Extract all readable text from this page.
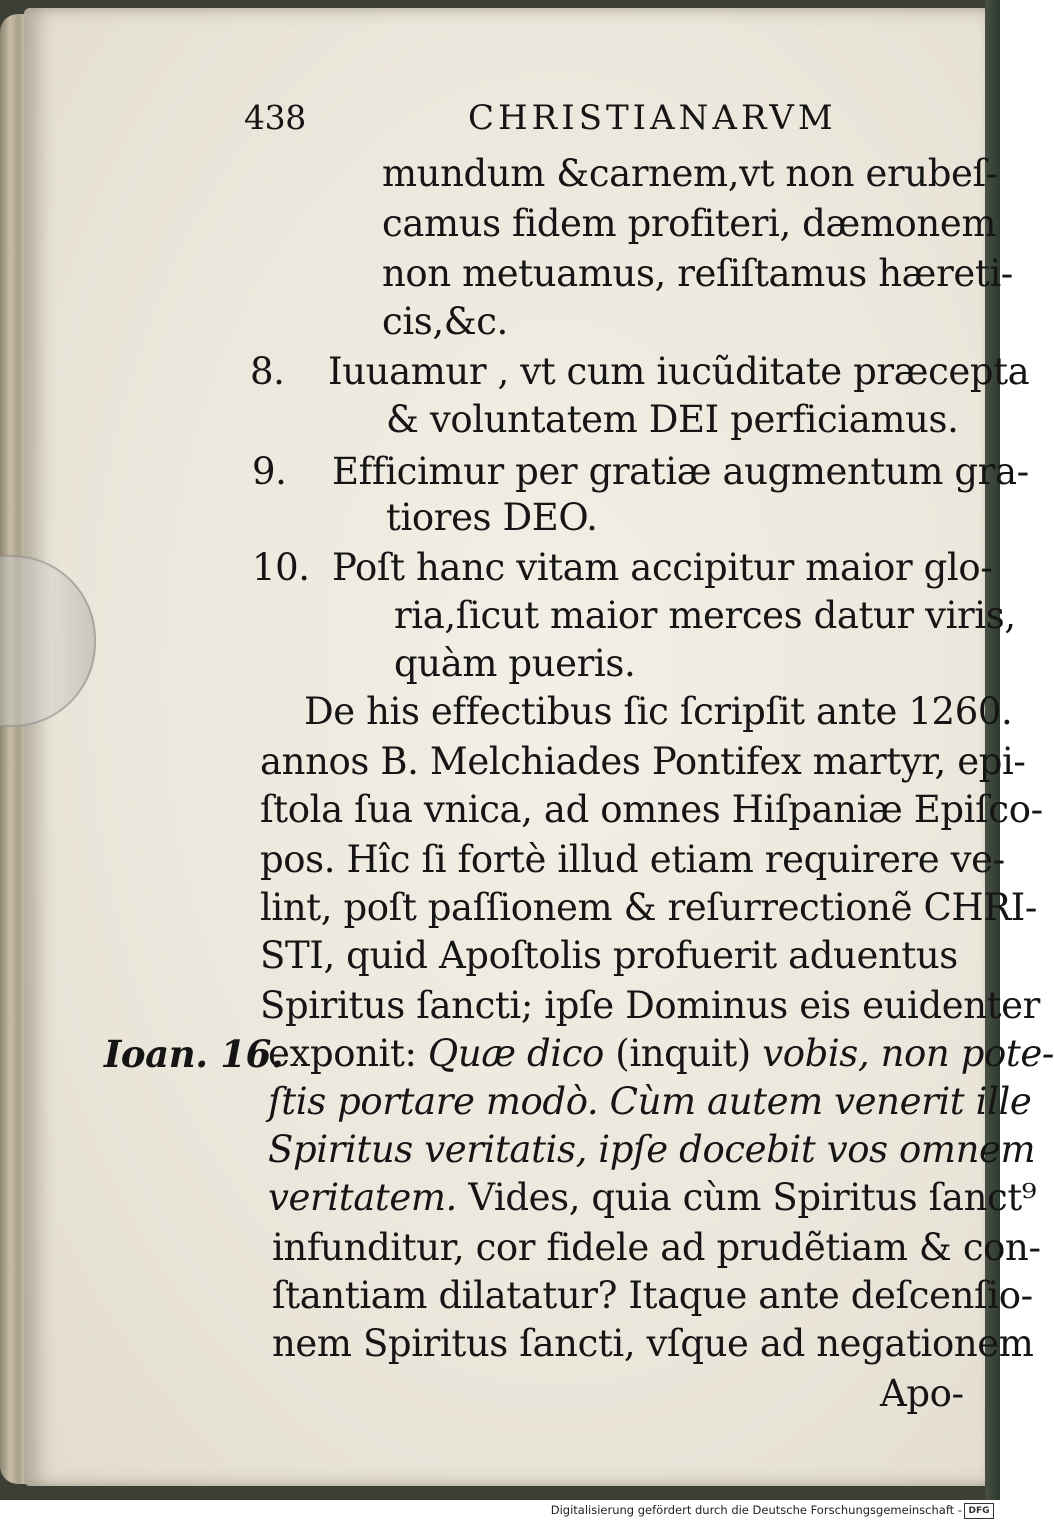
438	CHRISTIANARVM
mundum &carnem,vt non erubeſ-
camus fidem profiteri, dæmonem
non metuamus, reſiſtamus hæreti-
cis,&c.
8. Iuuamur , vt cum iucũditate præcepta
& voluntatem DEI perficiamus.
9. Efficimur per gratiæ augmentum gra-
tiores DEO.
10. Poſt hanc vitam accipitur maior glo-
ria,ſicut maior merces datur viris,
quàm pueris.
De his effectibus ſic ſcripſit ante 1260.
annos B. Melchiades Pontifex martyr, epi-
ſtola ſua vnica, ad omnes Hiſpaniæ Epiſco-
pos. Hîc ſi fortè illud etiam requirere ve-
lint, poſt paſſionem & reſurrectionẽ CHRI-
STI, quid Apoſtolis profuerit aduentus
Spiritus ſancti; ipſe Dominus eis euidenter
Ioan. 16.
exponit: Quæ dico (inquit) vobis, non pote-
ſtis portare modò. Cùm autem venerit ille
Spiritus veritatis, ipſe docebit vos omnem
veritatem. Vides, quia cùm Spiritus ſanct⁹
infunditur, cor fidele ad prudẽtiam & con-
ſtantiam dilatatur? Itaque ante deſcenſio-
nem Spiritus ſancti, vſque ad negationem
Apo-
Digitalisierung gefördert durch die Deutsche Forschungsgemeinschaft - DFG
